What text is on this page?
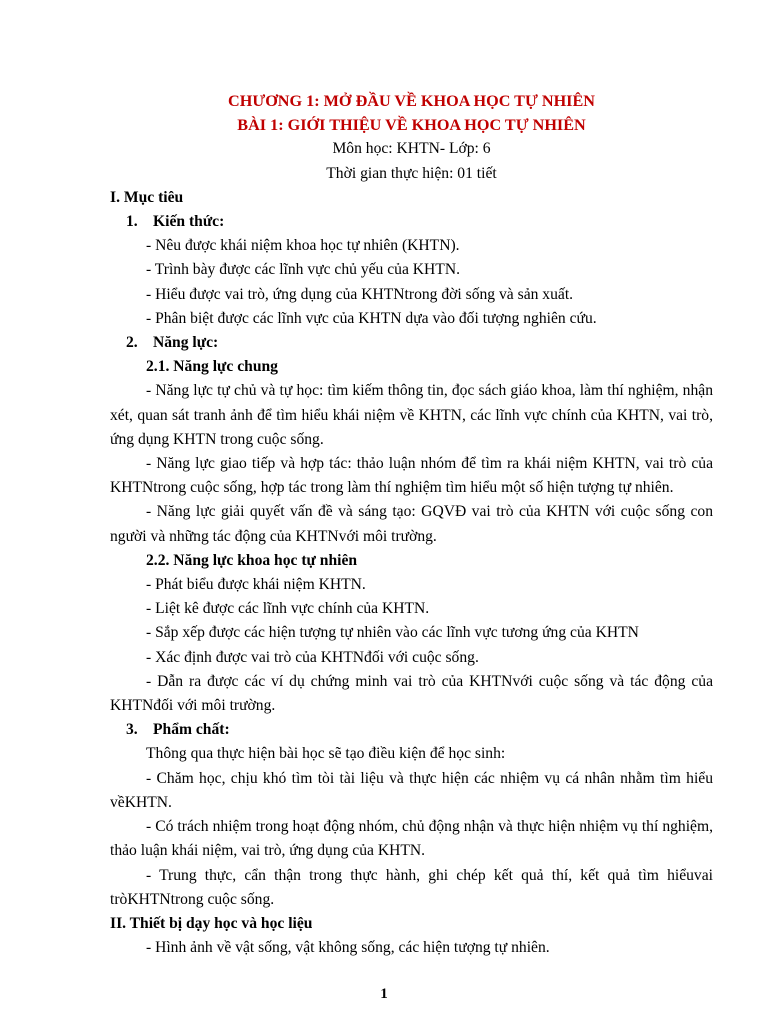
CHƯƠNG 1: MỞ ĐẦU VỀ KHOA HỌC TỰ NHIÊN
BÀI 1: GIỚI THIỆU VỀ KHOA HỌC TỰ NHIÊN
Môn học: KHTN- Lớp: 6
Thời gian thực hiện: 01 tiết
I. Mục tiêu
1. Kiến thức:
- Nêu được khái niệm khoa học tự nhiên (KHTN).
- Trình bày được các lĩnh vực chủ yếu của KHTN.
- Hiểu được vai trò, ứng dụng của KHTNtrong đời sống và sản xuất.
- Phân biệt được các lĩnh vực của KHTN dựa vào đối tượng nghiên cứu.
2. Năng lực:
2.1. Năng lực chung
- Năng lực tự chủ và tự học: tìm kiếm thông tin, đọc sách giáo khoa, làm thí nghiệm, nhận xét, quan sát tranh ảnh để tìm hiểu khái niệm về KHTN, các lĩnh vực chính của KHTN, vai trò, ứng dụng KHTN trong cuộc sống.
- Năng lực giao tiếp và hợp tác: thảo luận nhóm để tìm ra khái niệm KHTN, vai trò của KHTNtrong cuộc sống, hợp tác trong làm thí nghiệm tìm hiểu một số hiện tượng tự nhiên.
- Năng lực giải quyết vấn đề và sáng tạo: GQVĐ vai trò của KHTN với cuộc sống con người và những tác động của KHTNvới môi trường.
2.2. Năng lực khoa học tự nhiên
- Phát biểu được khái niệm KHTN.
- Liệt kê được các lĩnh vực chính của KHTN.
- Sắp xếp được các hiện tượng tự nhiên vào các lĩnh vực tương ứng của KHTN
- Xác định được vai trò của KHTNđối với cuộc sống.
- Dẫn ra được các ví dụ chứng minh vai trò của KHTNvới cuộc sống và tác động của KHTNđối với môi trường.
3. Phẩm chất:
Thông qua thực hiện bài học sẽ tạo điều kiện để học sinh:
- Chăm học, chịu khó tìm tòi tài liệu và thực hiện các nhiệm vụ cá nhân nhằm tìm hiểu vềKHTN.
- Có trách nhiệm trong hoạt động nhóm, chủ động nhận và thực hiện nhiệm vụ thí nghiệm, thảo luận khái niệm, vai trò, ứng dụng của KHTN.
- Trung thực, cẩn thận trong thực hành, ghi chép kết quả thí, kết quả tìm hiểuvai tròKHTNtrong cuộc sống.
II. Thiết bị dạy học và học liệu
- Hình ảnh về vật sống, vật không sống, các hiện tượng tự nhiên.
1
